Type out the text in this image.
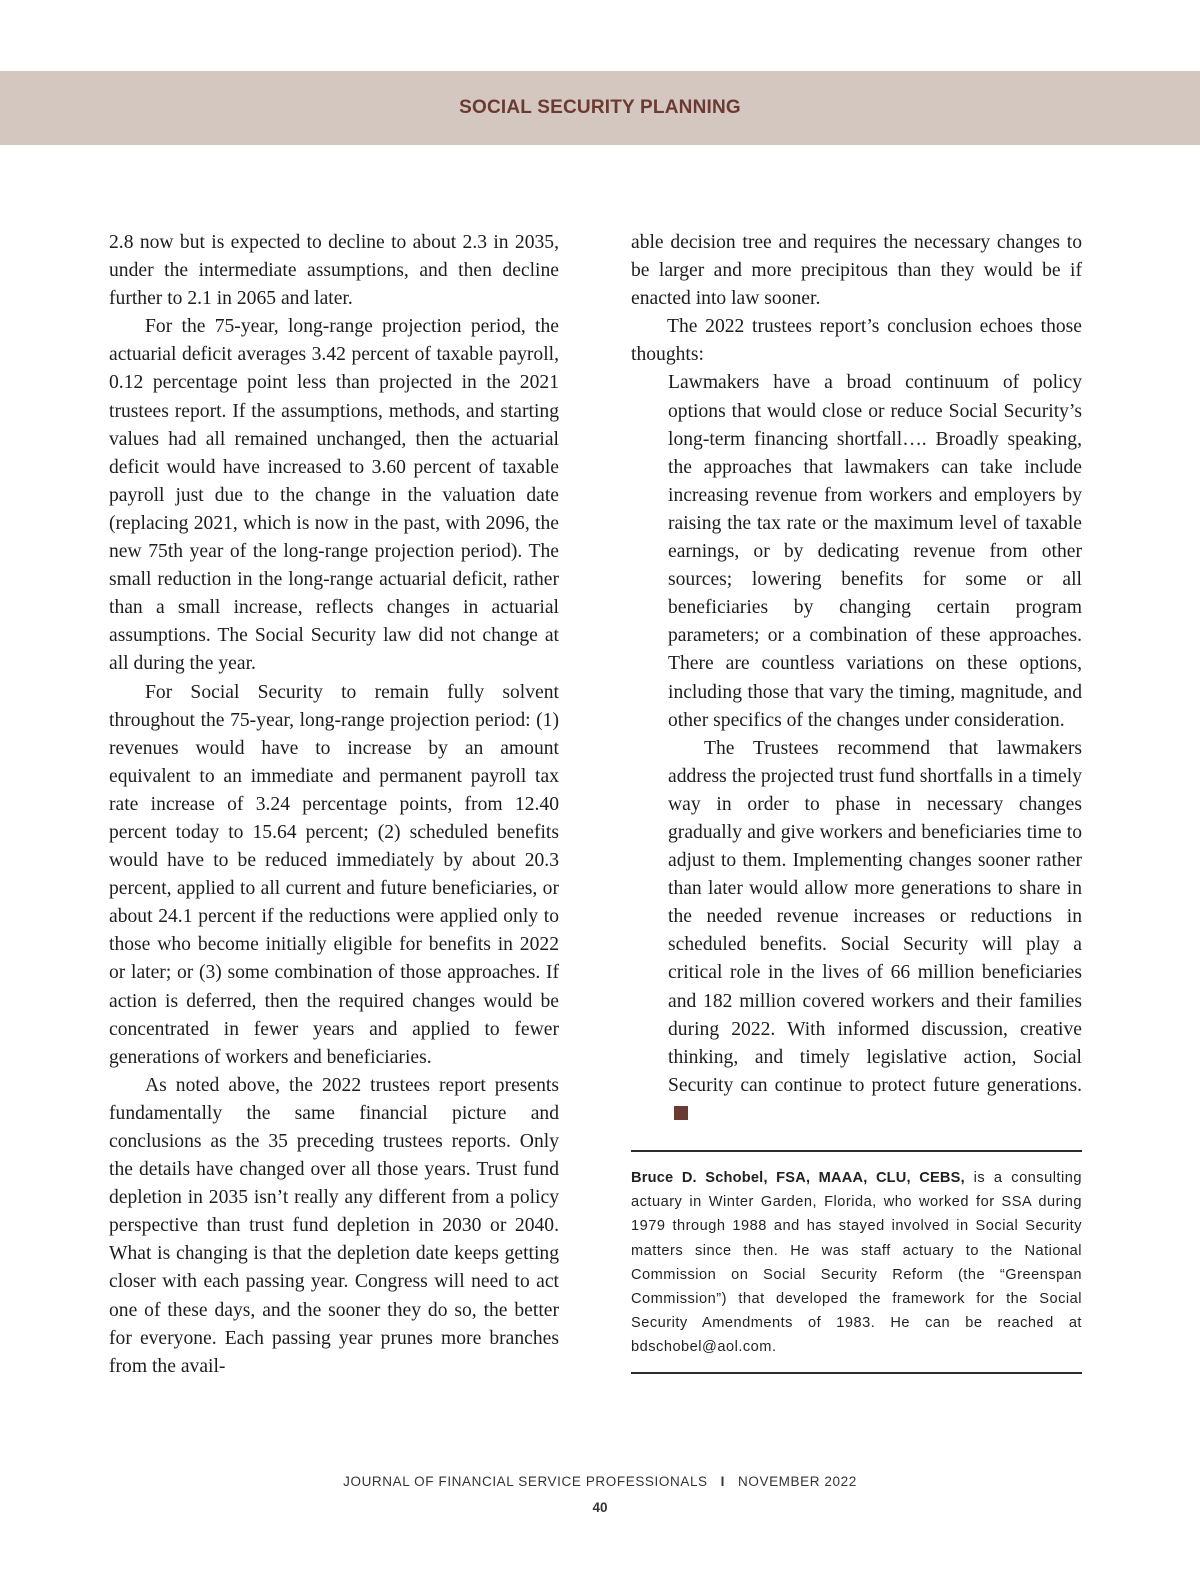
SOCIAL SECURITY PLANNING

2.8 now but is expected to decline to about 2.3 in 2035, under the intermediate assumptions, and then decline further to 2.1 in 2065 and later.

For the 75-year, long-range projection period, the actuarial deficit averages 3.42 percent of taxable payroll, 0.12 percentage point less than projected in the 2021 trustees report. If the assumptions, methods, and starting values had all remained unchanged, then the actuarial deficit would have increased to 3.60 percent of taxable payroll just due to the change in the valuation date (replacing 2021, which is now in the past, with 2096, the new 75th year of the long-range projection period). The small reduction in the long-range actuarial deficit, rather than a small increase, reflects changes in actuarial assumptions. The Social Security law did not change at all during the year.

For Social Security to remain fully solvent throughout the 75-year, long-range projection period: (1) revenues would have to increase by an amount equivalent to an immediate and permanent payroll tax rate increase of 3.24 percentage points, from 12.40 percent today to 15.64 percent; (2) scheduled benefits would have to be reduced immediately by about 20.3 percent, applied to all current and future beneficiaries, or about 24.1 percent if the reductions were applied only to those who become initially eligible for benefits in 2022 or later; or (3) some combination of those approaches. If action is deferred, then the required changes would be concentrated in fewer years and applied to fewer generations of workers and beneficiaries.

As noted above, the 2022 trustees report presents fundamentally the same financial picture and conclusions as the 35 preceding trustees reports. Only the details have changed over all those years. Trust fund depletion in 2035 isn’t really any different from a policy perspective than trust fund depletion in 2030 or 2040. What is changing is that the depletion date keeps getting closer with each passing year. Congress will need to act one of these days, and the sooner they do so, the better for everyone. Each passing year prunes more branches from the avail-

able decision tree and requires the necessary changes to be larger and more precipitous than they would be if enacted into law sooner.

The 2022 trustees report’s conclusion echoes those thoughts:

Lawmakers have a broad continuum of policy options that would close or reduce Social Security’s long-term financing shortfall…. Broadly speaking, the approaches that lawmakers can take include increasing revenue from workers and employers by raising the tax rate or the maximum level of taxable earnings, or by dedicating revenue from other sources; lowering benefits for some or all beneficiaries by changing certain program parameters; or a combination of these approaches. There are countless variations on these options, including those that vary the timing, magnitude, and other specifics of the changes under consideration.

The Trustees recommend that lawmakers address the projected trust fund shortfalls in a timely way in order to phase in necessary changes gradually and give workers and beneficiaries time to adjust to them. Implementing changes sooner rather than later would allow more generations to share in the needed revenue increases or reductions in scheduled benefits. Social Security will play a critical role in the lives of 66 million beneficiaries and 182 million covered workers and their families during 2022. With informed discussion, creative thinking, and timely legislative action, Social Security can continue to protect future generations.

Bruce D. Schobel, FSA, MAAA, CLU, CEBS, is a consulting actuary in Winter Garden, Florida, who worked for SSA during 1979 through 1988 and has stayed involved in Social Security matters since then. He was staff actuary to the National Commission on Social Security Reform (the “Greenspan Commission”) that developed the framework for the Social Security Amendments of 1983. He can be reached at bdschobel@aol.com.
JOURNAL OF FINANCIAL SERVICE PROFESSIONALS I NOVEMBER 2022
40
